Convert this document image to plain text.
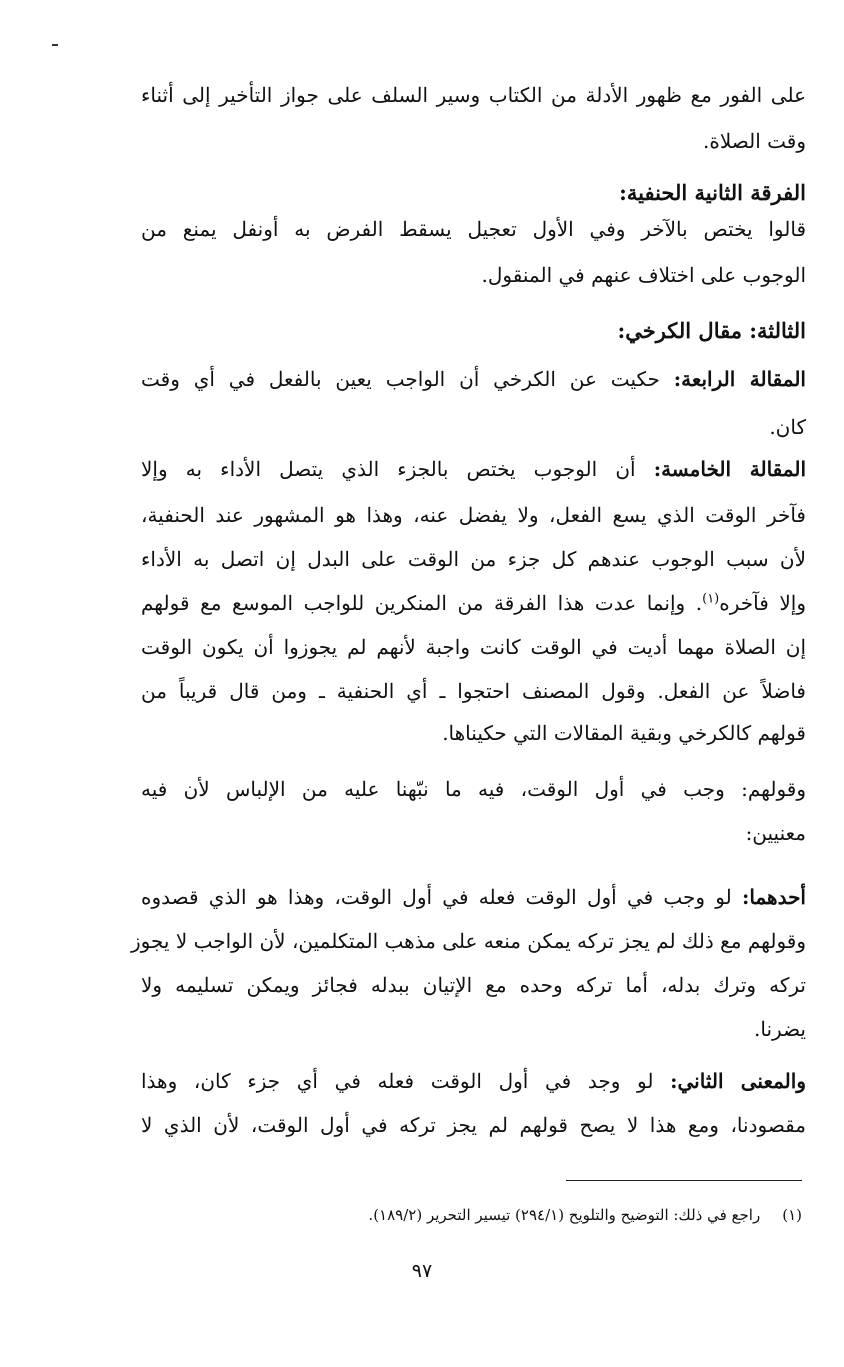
على الفور مع ظهور الأدلة من الكتاب وسير السلف على جواز التأخير إلى أثناء
وقت الصلاة.
الفرقة الثانية الحنفية:
قالوا يختص بالآخر وفي الأول تعجيل يسقط الفرض به أونفل يمنع من
الوجوب على اختلاف عنهم في المنقول.
الثالثة: مقال الكرخي:
المقالة الرابعة: حكيت عن الكرخي أن الواجب يعين بالفعل في أي وقت
كان.
المقالة الخامسة: أن الوجوب يختص بالجزء الذي يتصل الأداء به وإلا
فآخر الوقت الذي يسع الفعل، ولا يفضل عنه، وهذا هو المشهور عند الحنفية،
لأن سبب الوجوب عندهم كل جزء من الوقت على البدل إن اتصل به الأداء
وإلا فآخره$^{(١)}$. وإنما عدت هذا الفرقة من المنكرين للواجب الموسع مع قولهم
إن الصلاة مهما أديت في الوقت كانت واجبة لأنهم لم يجوزوا أن يكون الوقت
فاضلاً عن الفعل. وقول المصنف احتجوا ـ أي الحنفية ـ ومن قال قريباً من
قولهم كالكرخي وبقية المقالات التي حكيناها.
وقولهم: وجب في أول الوقت، فيه ما نبّهنا عليه من الإلباس لأن فيه
معنيين:
أحدهما: لو وجب في أول الوقت فعله في أول الوقت، وهذا هو الذي قصدوه
وقولهم مع ذلك لم يجز تركه يمكن منعه على مذهب المتكلمين، لأن الواجب لا يجوز
تركه وترك بدله، أما تركه وحده مع الإتيان ببدله فجائز ويمكن تسليمه ولا
يضرنا.
والمعنى الثاني: لو وجد في أول الوقت فعله في أي جزء كان، وهذا
مقصودنا، ومع هذا لا يصح قولهم لم يجز تركه في أول الوقت، لأن الذي لا
(١)راجع في ذلك: التوضيح والتلويح (٢٩٤/١) تيسير التحرير (١٨٩/٢).
٩٧
